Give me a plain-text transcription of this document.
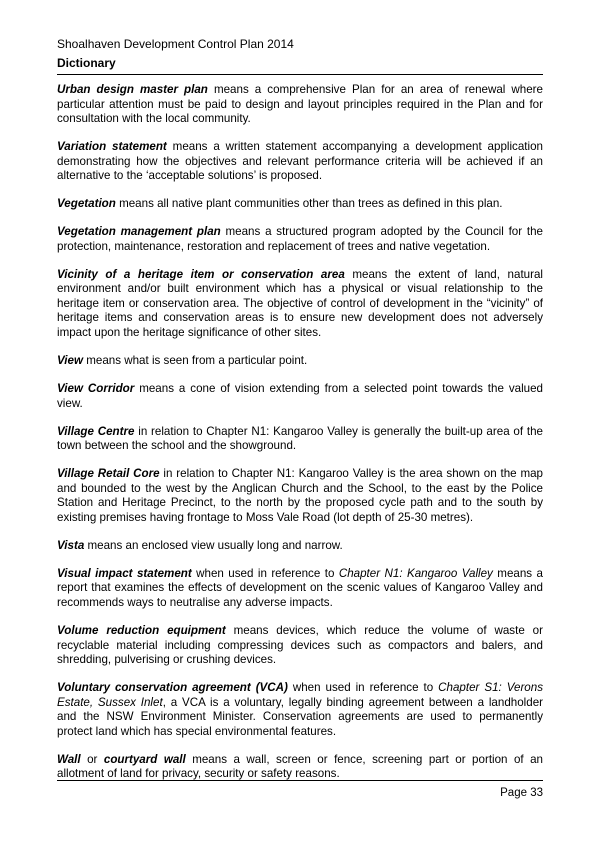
Shoalhaven Development Control Plan 2014
Dictionary

Urban design master plan means a comprehensive Plan for an area of renewal where particular attention must be paid to design and layout principles required in the Plan and for consultation with the local community.

Variation statement means a written statement accompanying a development application demonstrating how the objectives and relevant performance criteria will be achieved if an alternative to the ‘acceptable solutions’ is proposed.

Vegetation means all native plant communities other than trees as defined in this plan.

Vegetation management plan means a structured program adopted by the Council for the protection, maintenance, restoration and replacement of trees and native vegetation.

Vicinity of a heritage item or conservation area means the extent of land, natural environment and/or built environment which has a physical or visual relationship to the heritage item or conservation area. The objective of control of development in the “vicinity” of heritage items and conservation areas is to ensure new development does not adversely impact upon the heritage significance of other sites.

View means what is seen from a particular point.

View Corridor means a cone of vision extending from a selected point towards the valued view.

Village Centre in relation to Chapter N1: Kangaroo Valley is generally the built-up area of the town between the school and the showground.

Village Retail Core in relation to Chapter N1: Kangaroo Valley is the area shown on the map and bounded to the west by the Anglican Church and the School, to the east by the Police Station and Heritage Precinct, to the north by the proposed cycle path and to the south by existing premises having frontage to Moss Vale Road (lot depth of 25-30 metres).

Vista means an enclosed view usually long and narrow.

Visual impact statement when used in reference to Chapter N1: Kangaroo Valley means a report that examines the effects of development on the scenic values of Kangaroo Valley and recommends ways to neutralise any adverse impacts.

Volume reduction equipment means devices, which reduce the volume of waste or recyclable material including compressing devices such as compactors and balers, and shredding, pulverising or crushing devices.

Voluntary conservation agreement (VCA) when used in reference to Chapter S1: Verons Estate, Sussex Inlet, a VCA is a voluntary, legally binding agreement between a landholder and the NSW Environment Minister. Conservation agreements are used to permanently protect land which has special environmental features.

Wall or courtyard wall means a wall, screen or fence, screening part or portion of an allotment of land for privacy, security or safety reasons.

Page 33
